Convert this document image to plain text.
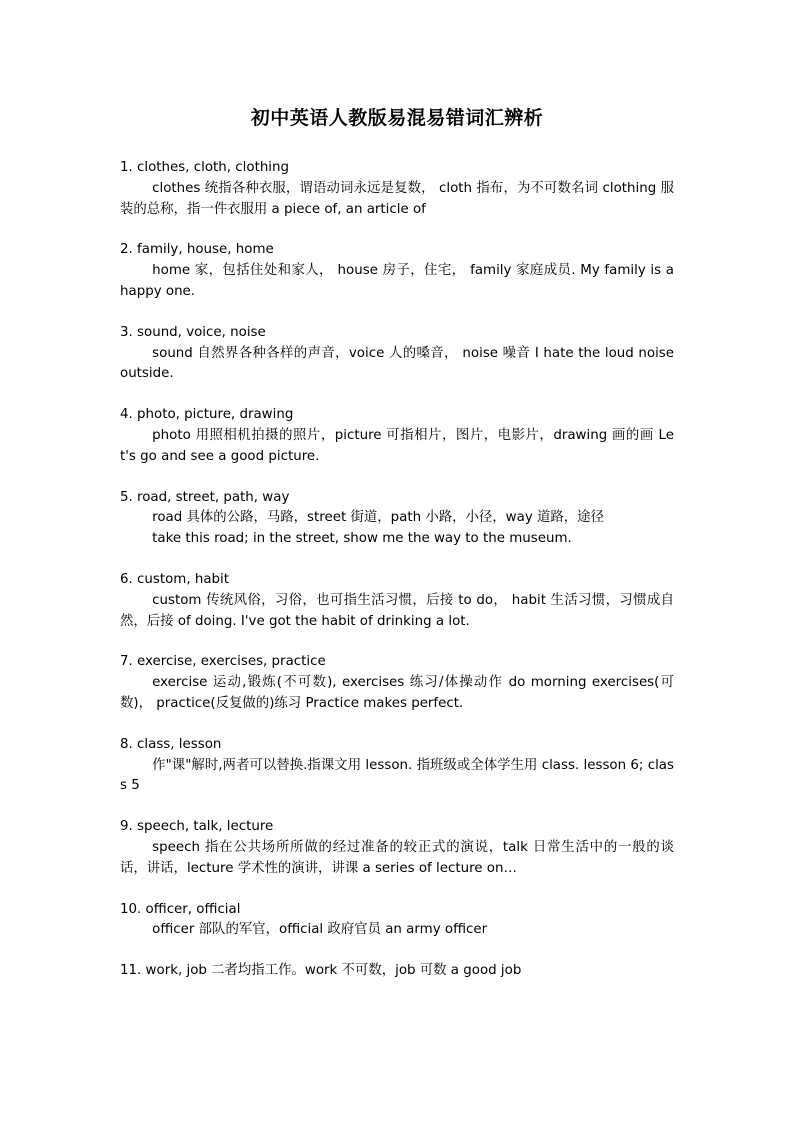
初中英语人教版易混易错词汇辨析
1. clothes, cloth, clothing
clothes 统指各种衣服，谓语动词永远是复数， cloth 指布，为不可数名词 clothing 服装的总称，指一件衣服用 a piece of, an article of
2. family, house, home
home 家，包括住处和家人， house 房子，住宅， family 家庭成员. My family is a happy one.
3. sound, voice, noise
sound 自然界各种各样的声音，voice 人的嗓音， noise 噪音 I hate the loud noise outside.
4. photo, picture, drawing
photo 用照相机拍摄的照片，picture 可指相片，图片，电影片，drawing 画的画 Let's go and see a good picture.
5. road, street, path, way
road 具体的公路，马路，street 街道，path 小路，小径，way 道路，途径
take this road; in the street, show me the way to the museum.
6. custom, habit
custom 传统风俗，习俗，也可指生活习惯，后接 to do， habit 生活习惯，习惯成自然，后接 of doing. I've got the habit of drinking a lot.
7. exercise, exercises, practice
exercise 运动,锻炼(不可数), exercises 练习/体操动作 do morning exercises(可数)， practice(反复做的)练习 Practice makes perfect.
8. class, lesson
作"课"解时,两者可以替换.指课文用 lesson. 指班级或全体学生用 class. lesson 6; class 5
9. speech, talk, lecture
speech 指在公共场所所做的经过准备的较正式的演说，talk 日常生活中的一般的谈话，讲话，lecture 学术性的演讲，讲课 a series of lecture on…
10. officer, official
officer 部队的军官，official 政府官员 an army officer
11. work, job 二者均指工作。work 不可数，job 可数 a good job
